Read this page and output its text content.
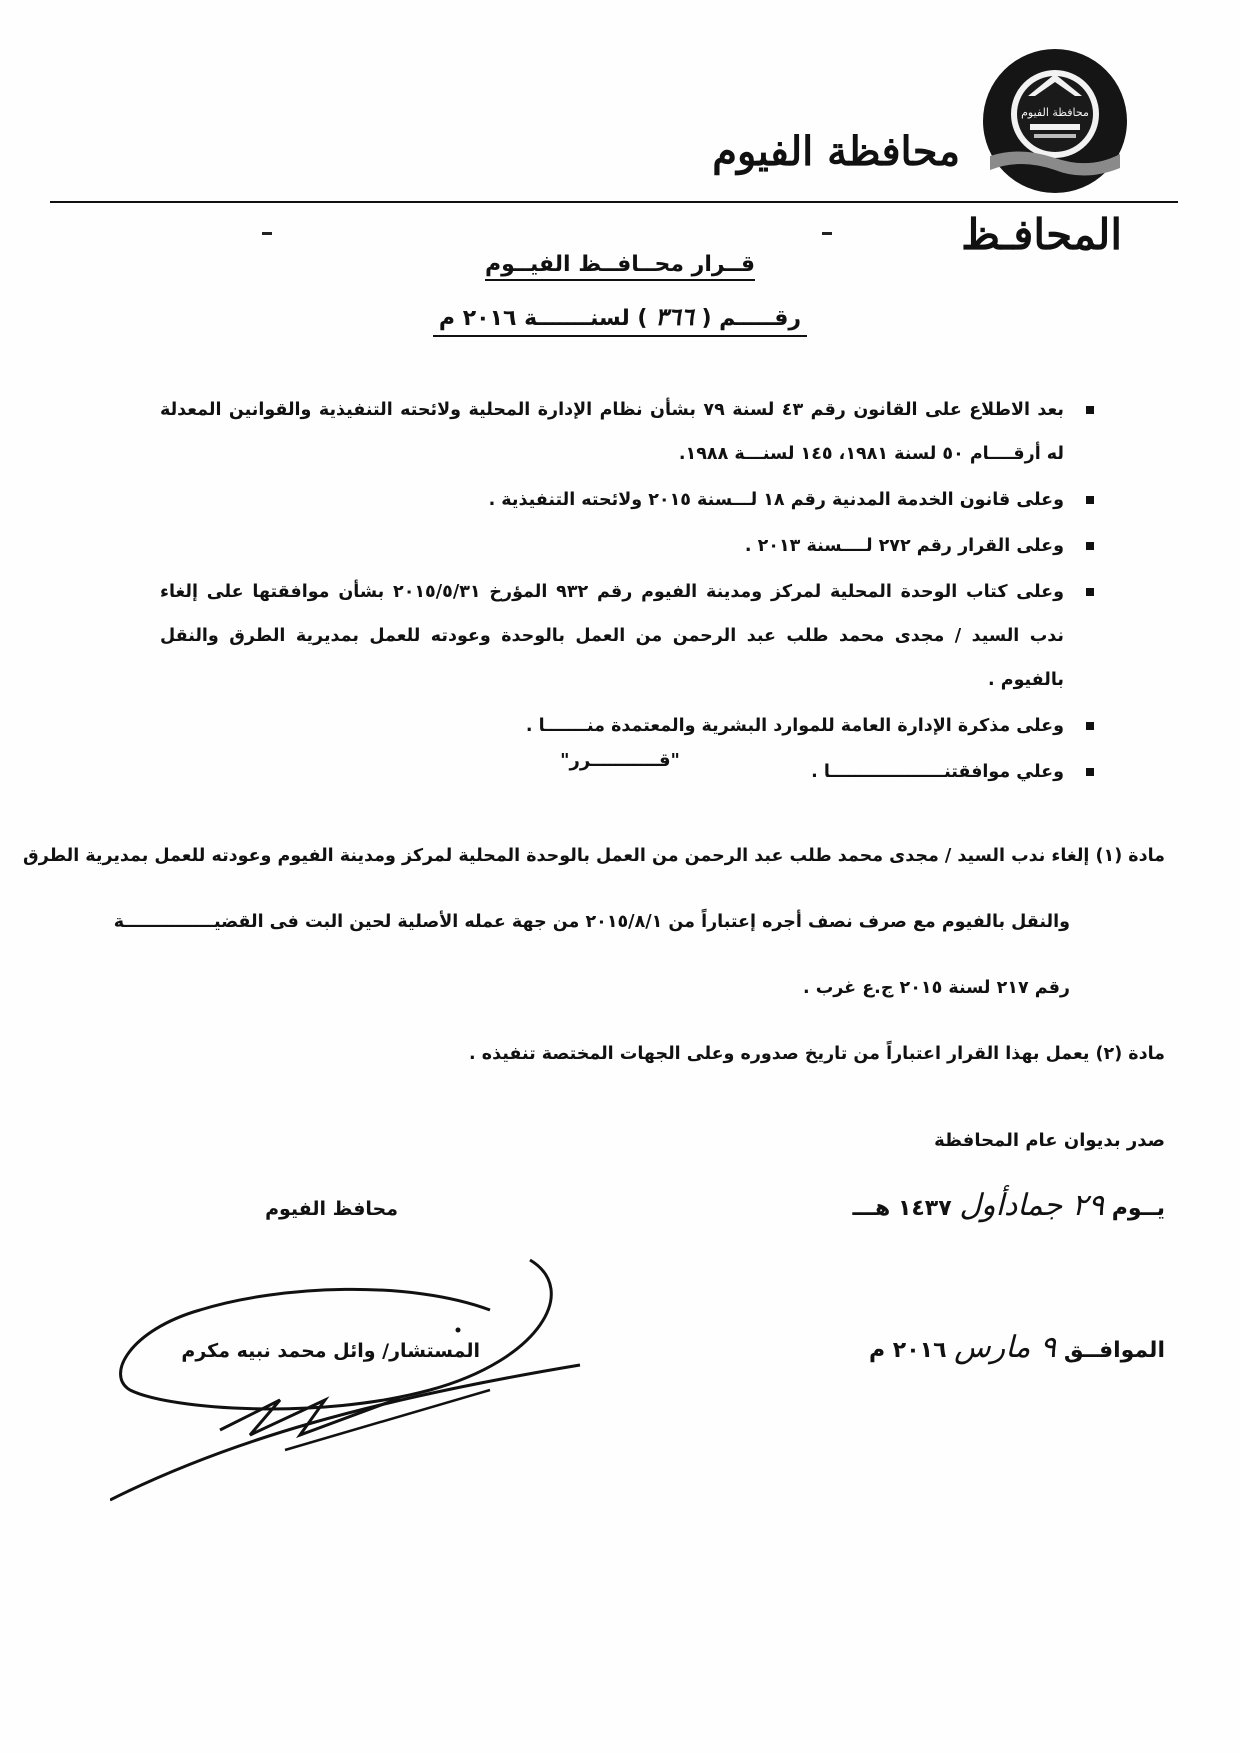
محافظة الفيوم
محافظة الفيوم
المحافـظ
قــرار محــافــظ الفيــوم
رقـــــم ( ٣٦٦ ) لسنـــــــة ٢٠١٦ م
بعد الاطلاع على القانون رقم ٤٣ لسنة ٧٩ بشأن نظام الإدارة المحلية ولائحته التنفيذية والقوانين المعدلة له أرقــــام ٥٠ لسنة ١٩٨١، ١٤٥ لسنـــة ١٩٨٨.
وعلى قانون الخدمة المدنية رقم ١٨ لـــسنة ٢٠١٥ ولائحته التنفيذية .
وعلى القرار رقم ٢٧٢ لــــسنة ٢٠١٣ .
وعلى كتاب الوحدة المحلية لمركز ومدينة الفيوم رقم ٩٣٢ المؤرخ ٢٠١٥/٥/٣١ بشأن موافقتها على إلغاء ندب السيد / مجدى محمد طلب عبد الرحمن من العمل بالوحدة وعودته للعمل بمديرية الطرق والنقل بالفيوم .
وعلى مذكرة الإدارة العامة للموارد البشرية والمعتمدة منـــــــا .
وعلي موافقتنـــــــــــــــــــا .
"قـــــــــــرر"
مادة (١) إلغاء ندب السيد / مجدى محمد طلب عبد الرحمن من العمل بالوحدة المحلية لمركز ومدينة الفيوم وعودته للعمل بمديرية الطرق
والنقل بالفيوم مع صرف نصف أجره إعتباراً من ٢٠١٥/٨/١ من جهة عمله الأصلية لحين البت فى القضيـــــــــــــــة
رقم ٢١٧ لسنة ٢٠١٥ ج.ع غرب .
مادة (٢) يعمل بهذا القرار اعتباراً من تاريخ صدوره وعلى الجهات المختصة تنفيذه .
صدر بديوان عام المحافظة
يــوم ٢٩ جمادأول ١٤٣٧ هـــ
الموافــق ٩ مارس ٢٠١٦ م
محافظ الفيوم
المستشار/ وائل محمد نبيه مكرم
